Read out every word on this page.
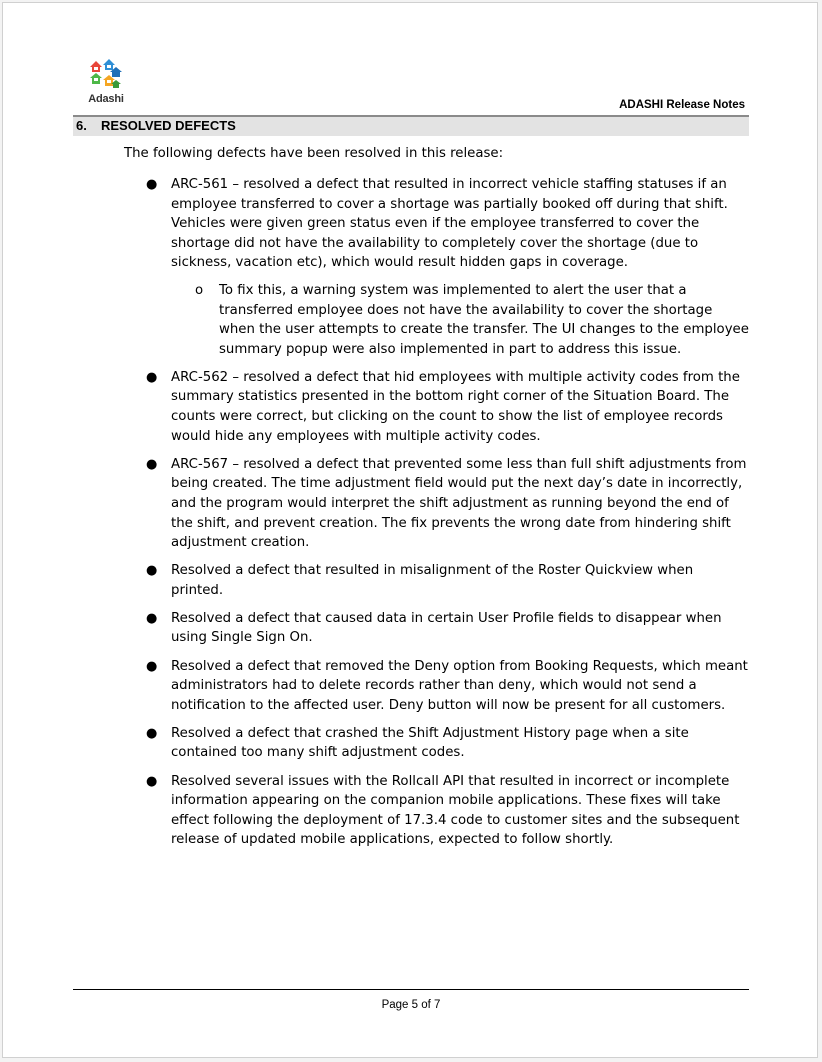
Adashi	ADASHI Release Notes
6. RESOLVED DEFECTS
The following defects have been resolved in this release:
● ARC-561 – resolved a defect that resulted in incorrect vehicle staffing statuses if an employee transferred to cover a shortage was partially booked off during that shift. Vehicles were given green status even if the employee transferred to cover the shortage did not have the availability to completely cover the shortage (due to sickness, vacation etc), which would result hidden gaps in coverage.
o To fix this, a warning system was implemented to alert the user that a transferred employee does not have the availability to cover the shortage when the user attempts to create the transfer. The UI changes to the employee summary popup were also implemented in part to address this issue.
● ARC-562 – resolved a defect that hid employees with multiple activity codes from the summary statistics presented in the bottom right corner of the Situation Board. The counts were correct, but clicking on the count to show the list of employee records would hide any employees with multiple activity codes.
● ARC-567 – resolved a defect that prevented some less than full shift adjustments from being created. The time adjustment field would put the next day’s date in incorrectly, and the program would interpret the shift adjustment as running beyond the end of the shift, and prevent creation. The fix prevents the wrong date from hindering shift adjustment creation.
● Resolved a defect that resulted in misalignment of the Roster Quickview when printed.
● Resolved a defect that caused data in certain User Profile fields to disappear when using Single Sign On.
● Resolved a defect that removed the Deny option from Booking Requests, which meant administrators had to delete records rather than deny, which would not send a notification to the affected user. Deny button will now be present for all customers.
● Resolved a defect that crashed the Shift Adjustment History page when a site contained too many shift adjustment codes.
● Resolved several issues with the Rollcall API that resulted in incorrect or incomplete information appearing on the companion mobile applications. These fixes will take effect following the deployment of 17.3.4 code to customer sites and the subsequent release of updated mobile applications, expected to follow shortly.
Page 5 of 7
